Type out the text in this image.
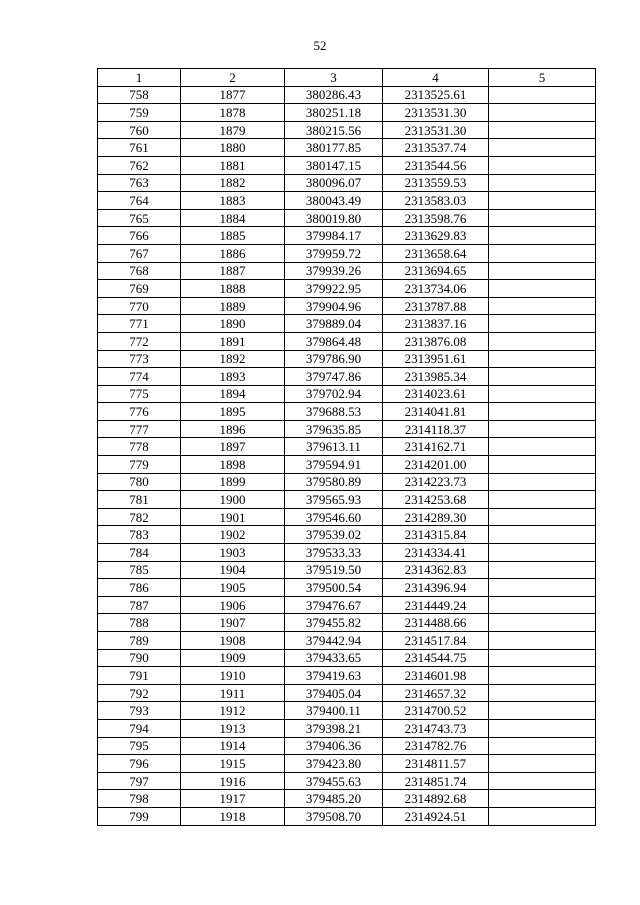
52
1	2	3	4	5
758	1877	380286.43	2313525.61	
759	1878	380251.18	2313531.30	
760	1879	380215.56	2313531.30	
761	1880	380177.85	2313537.74	
762	1881	380147.15	2313544.56	
763	1882	380096.07	2313559.53	
764	1883	380043.49	2313583.03	
765	1884	380019.80	2313598.76	
766	1885	379984.17	2313629.83	
767	1886	379959.72	2313658.64	
768	1887	379939.26	2313694.65	
769	1888	379922.95	2313734.06	
770	1889	379904.96	2313787.88	
771	1890	379889.04	2313837.16	
772	1891	379864.48	2313876.08	
773	1892	379786.90	2313951.61	
774	1893	379747.86	2313985.34	
775	1894	379702.94	2314023.61	
776	1895	379688.53	2314041.81	
777	1896	379635.85	2314118.37	
778	1897	379613.11	2314162.71	
779	1898	379594.91	2314201.00	
780	1899	379580.89	2314223.73	
781	1900	379565.93	2314253.68	
782	1901	379546.60	2314289.30	
783	1902	379539.02	2314315.84	
784	1903	379533.33	2314334.41	
785	1904	379519.50	2314362.83	
786	1905	379500.54	2314396.94	
787	1906	379476.67	2314449.24	
788	1907	379455.82	2314488.66	
789	1908	379442.94	2314517.84	
790	1909	379433.65	2314544.75	
791	1910	379419.63	2314601.98	
792	1911	379405.04	2314657.32	
793	1912	379400.11	2314700.52	
794	1913	379398.21	2314743.73	
795	1914	379406.36	2314782.76	
796	1915	379423.80	2314811.57	
797	1916	379455.63	2314851.74	
798	1917	379485.20	2314892.68	
799	1918	379508.70	2314924.51	
